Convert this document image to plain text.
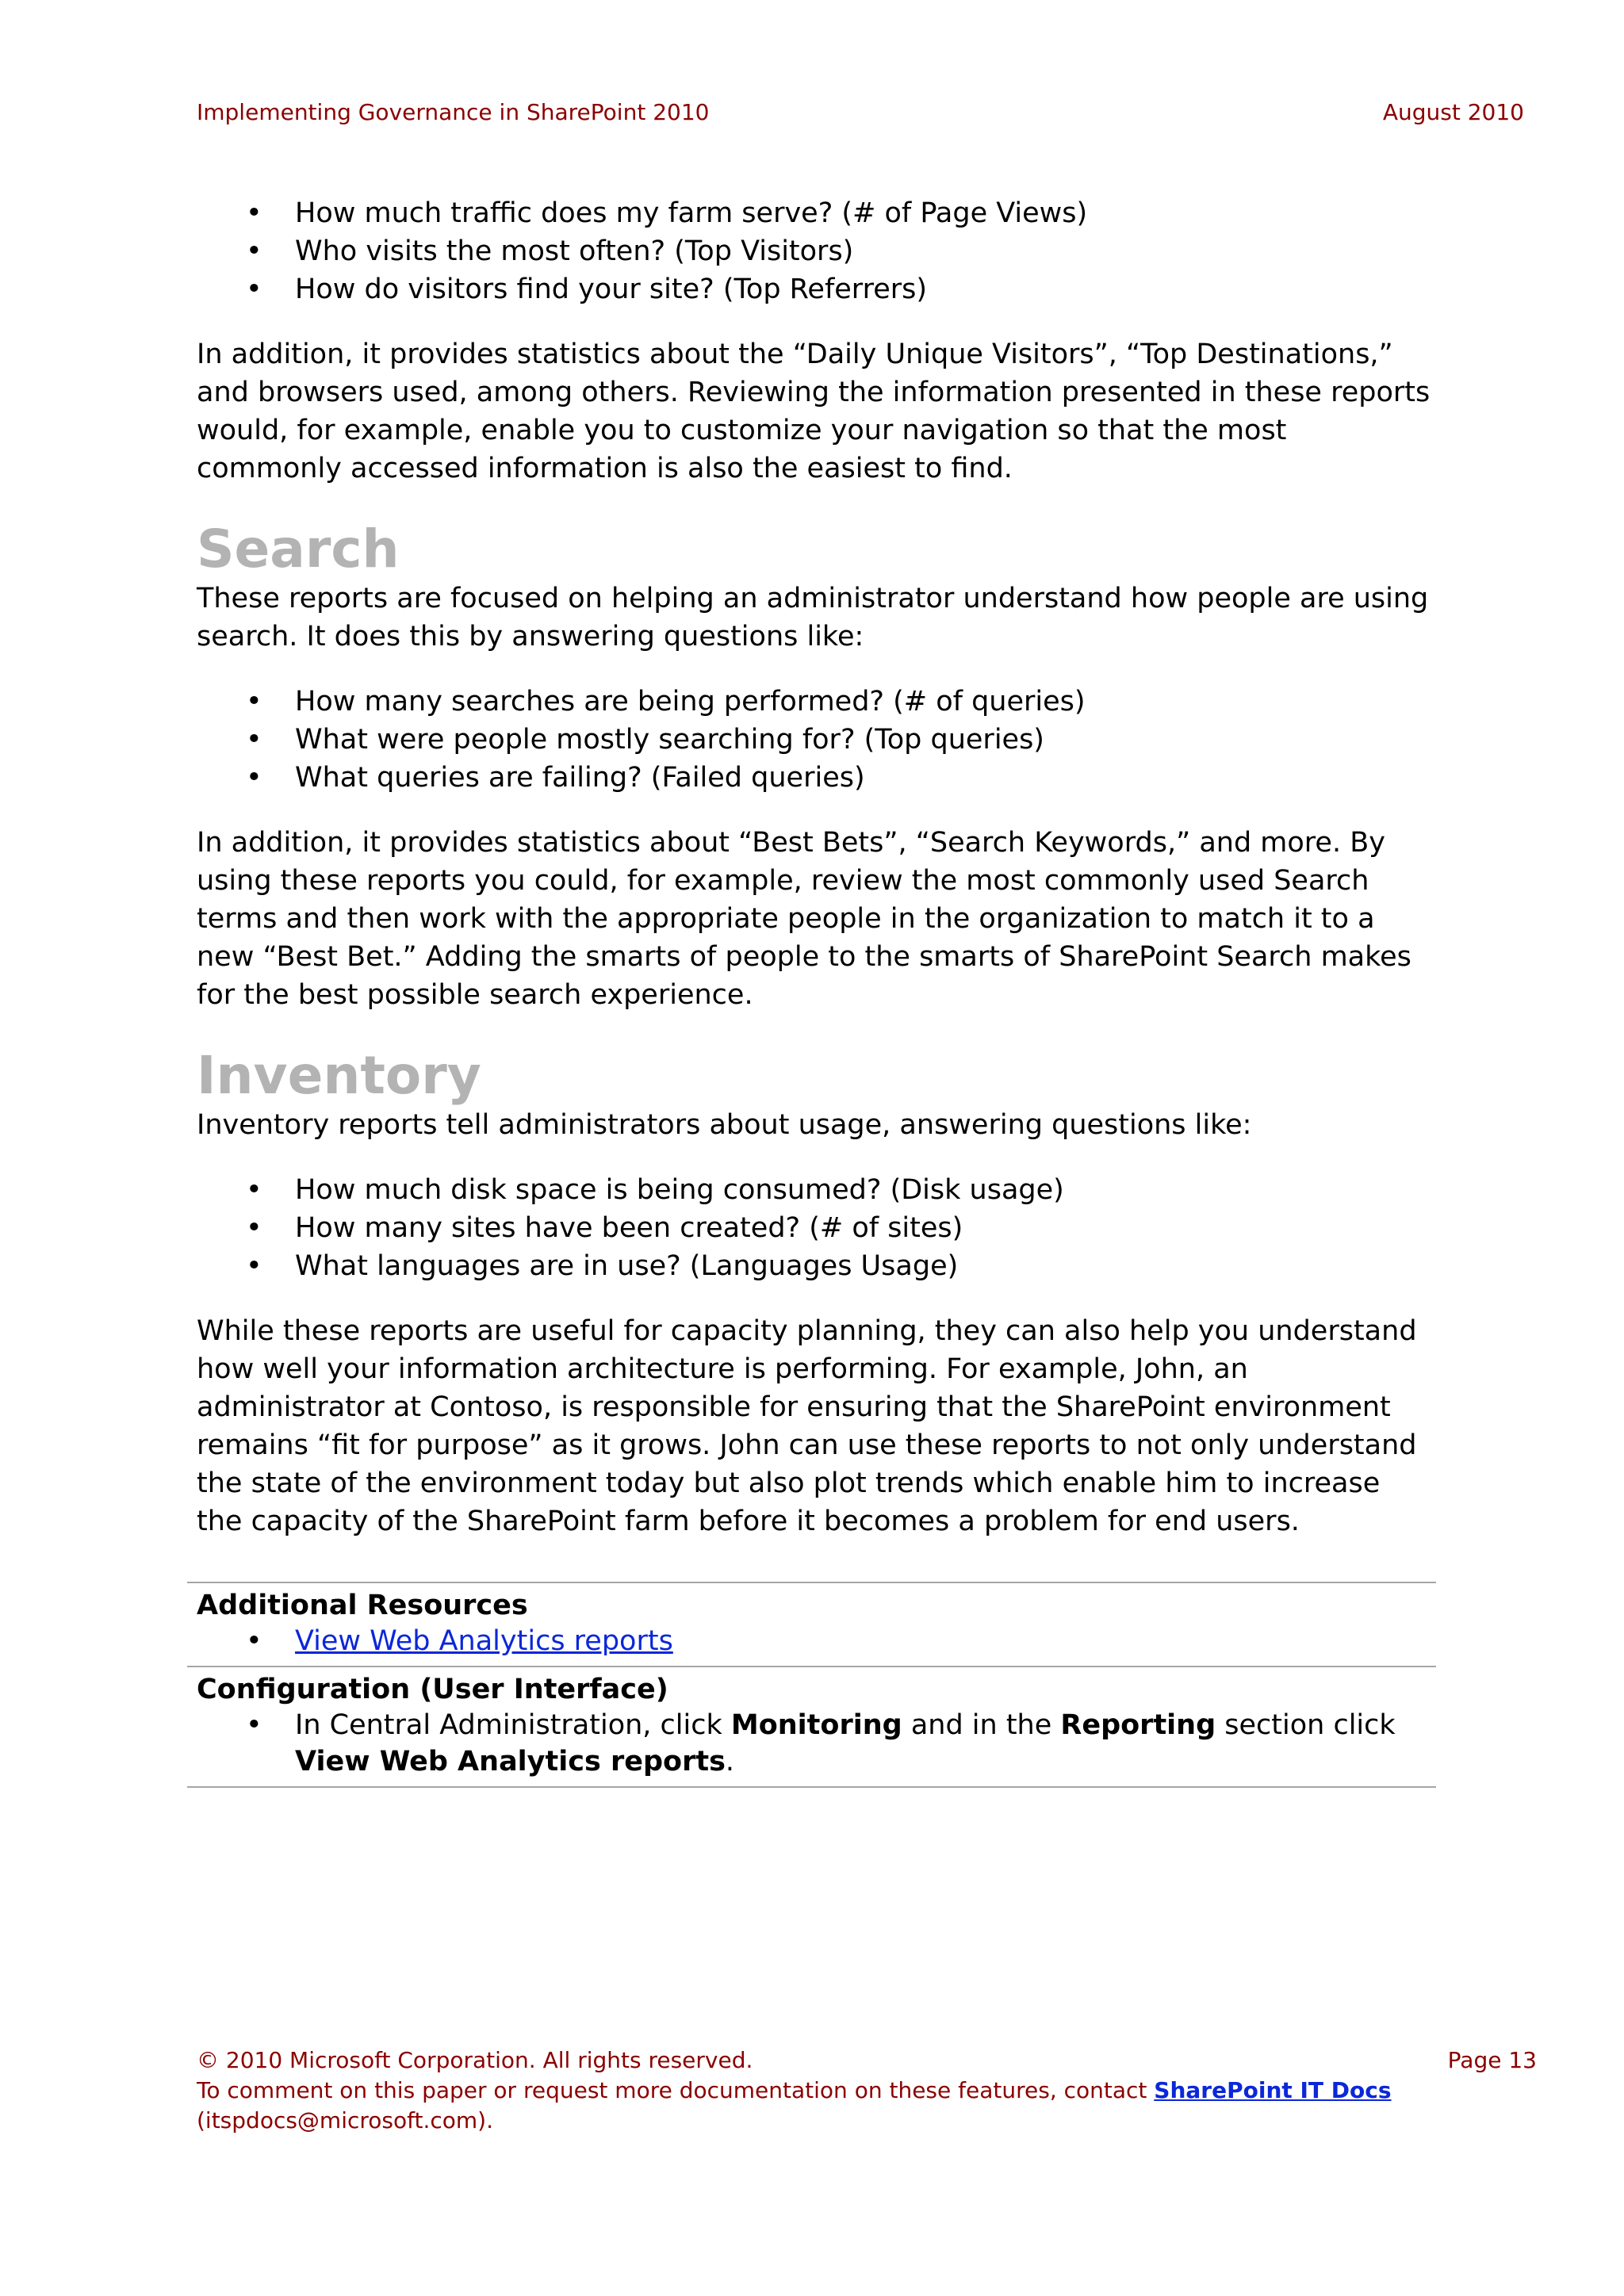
Implementing Governance in SharePoint 2010	August 2010
• How much traffic does my farm serve? (# of Page Views)
• Who visits the most often? (Top Visitors)
• How do visitors find your site? (Top Referrers)

In addition, it provides statistics about the “Daily Unique Visitors”, “Top Destinations,” and browsers used, among others. Reviewing the information presented in these reports would, for example, enable you to customize your navigation so that the most commonly accessed information is also the easiest to find.

Search

These reports are focused on helping an administrator understand how people are using search. It does this by answering questions like:

• How many searches are being performed? (# of queries)
• What were people mostly searching for? (Top queries)
• What queries are failing? (Failed queries)

In addition, it provides statistics about “Best Bets”, “Search Keywords,” and more. By using these reports you could, for example, review the most commonly used Search terms and then work with the appropriate people in the organization to match it to a new “Best Bet.” Adding the smarts of people to the smarts of SharePoint Search makes for the best possible search experience.

Inventory

Inventory reports tell administrators about usage, answering questions like:

• How much disk space is being consumed? (Disk usage)
• How many sites have been created? (# of sites)
• What languages are in use? (Languages Usage)

While these reports are useful for capacity planning, they can also help you understand how well your information architecture is performing. For example, John, an administrator at Contoso, is responsible for ensuring that the SharePoint environment remains “fit for purpose” as it grows. John can use these reports to not only understand the state of the environment today but also plot trends which enable him to increase the capacity of the SharePoint farm before it becomes a problem for end users.

Additional Resources
• View Web Analytics reports
Configuration (User Interface)
• In Central Administration, click Monitoring and in the Reporting section click View Web Analytics reports.
© 2010 Microsoft Corporation. All rights reserved.	Page 13
To comment on this paper or request more documentation on these features, contact SharePoint IT Docs
(itspdocs@microsoft.com).
